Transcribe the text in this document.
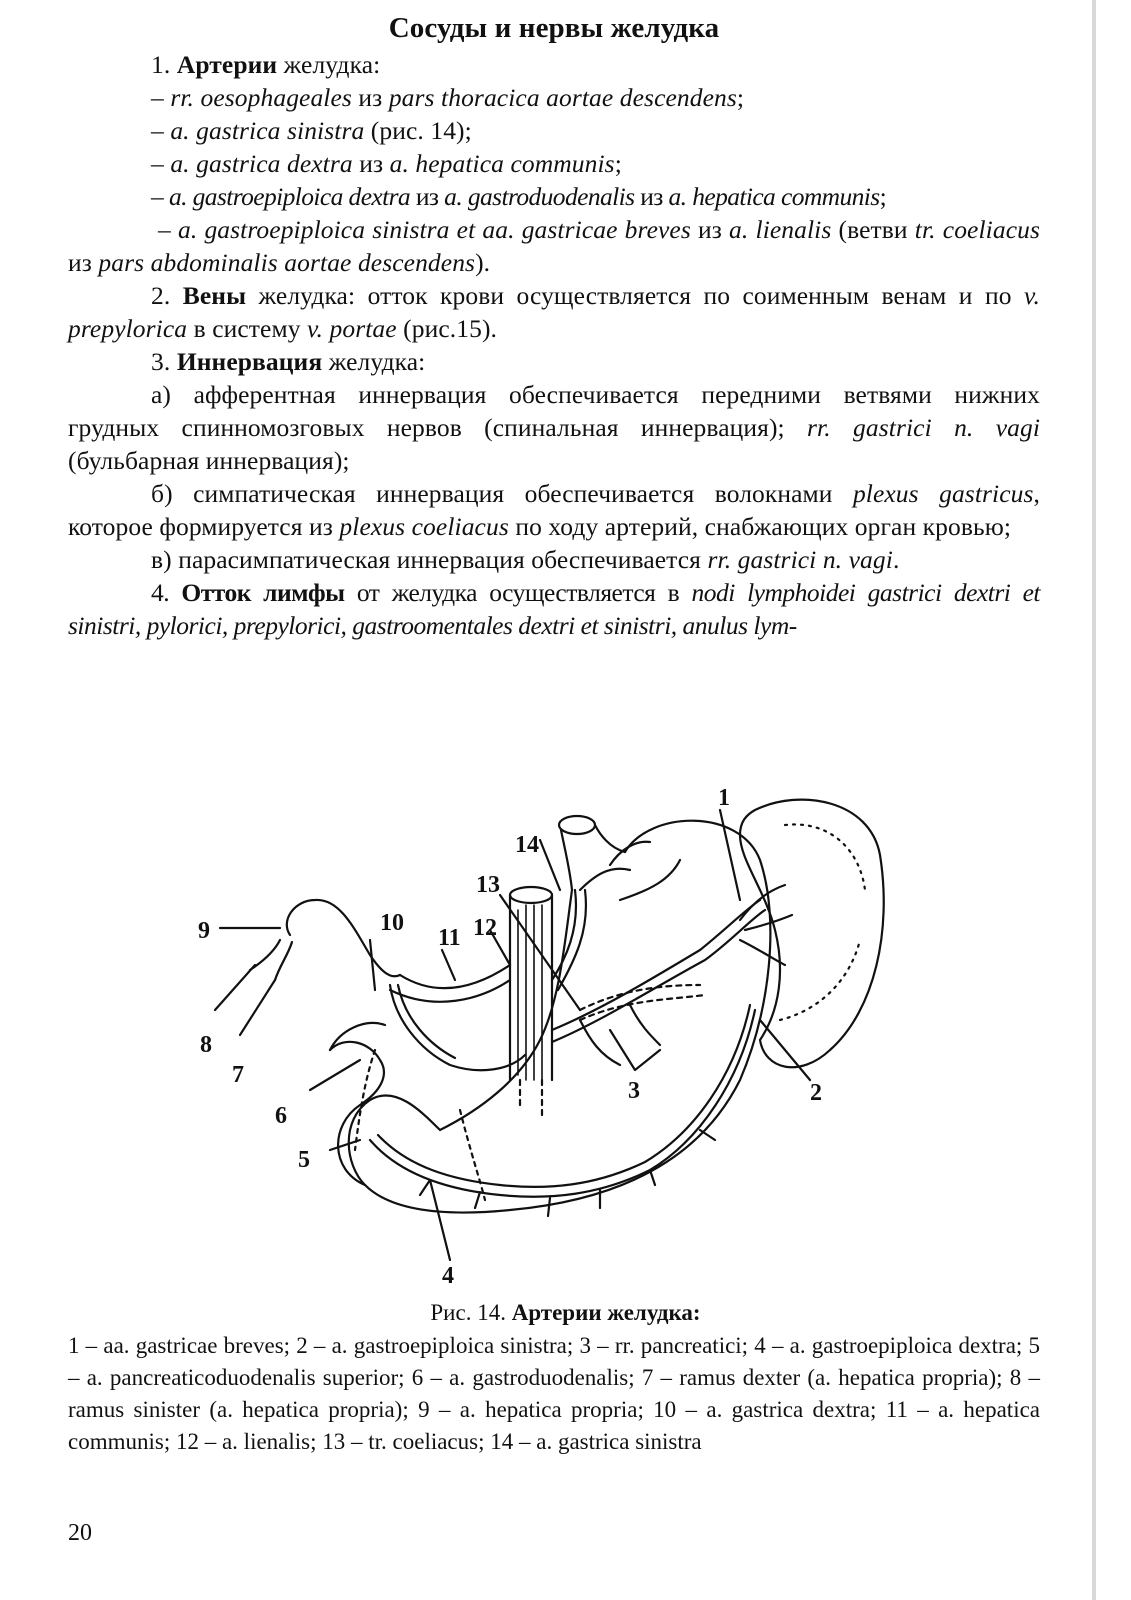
Сосуды и нервы желудка

1. Артерии желудка:

– rr. oesophageales из pars thoracica aortae descendens;

– a. gastrica sinistra (рис. 14);

– a. gastrica dextra из a. hepatica communis;

– a. gastroepiploica dextra из a. gastroduodenalis из a. hepatica communis;

– a. gastroepiploica sinistra et aa. gastricae breves из a. lienalis (ветви tr. coeliacus из pars abdominalis aortae descendens).

2. Вены желудка: отток крови осуществляется по соименным венам и по v. prepylorica в систему v. portae (рис.15).

3. Иннервация желудка:

а) афферентная иннервация обеспечивается передними ветвями нижних грудных спинномозговых нервов (спинальная иннервация); rr. gastrici n. vagi (бульбарная иннервация);

б) симпатическая иннервация обеспечивается волокнами plexus gastricus, которое формируется из plexus coeliacus по ходу артерий, снабжающих орган кровью;

в) парасимпатическая иннервация обеспечивается rr. gastrici n. vagi.

4. Отток лимфы от желудка осуществляется в nodi lymphoidei gastrici dextri et sinistri, pylorici, prepylorici, gastroomentales dextri et sinistri, anulus lym-

1
2
3
4
5
6
7
8
9	10
11 12
13
14
Рис. 14. Артерии желудка:
1 – aa. gastricae breves; 2 – a. gastroepiploica sinistra; 3 – rr. pancreatici; 4 – a. gastroepiploica dextra; 5 – a. pancreaticoduodenalis superior; 6 – a. gastroduodenalis; 7 – ramus dexter (a. hepatica propria); 8 – ramus sinister (a. hepatica propria); 9 – a. hepatica propria; 10 – a. gastrica dextra; 11 – a. hepatica communis; 12 – a. lienalis; 13 – tr. coeliacus; 14 – a. gastrica sinistra
20
